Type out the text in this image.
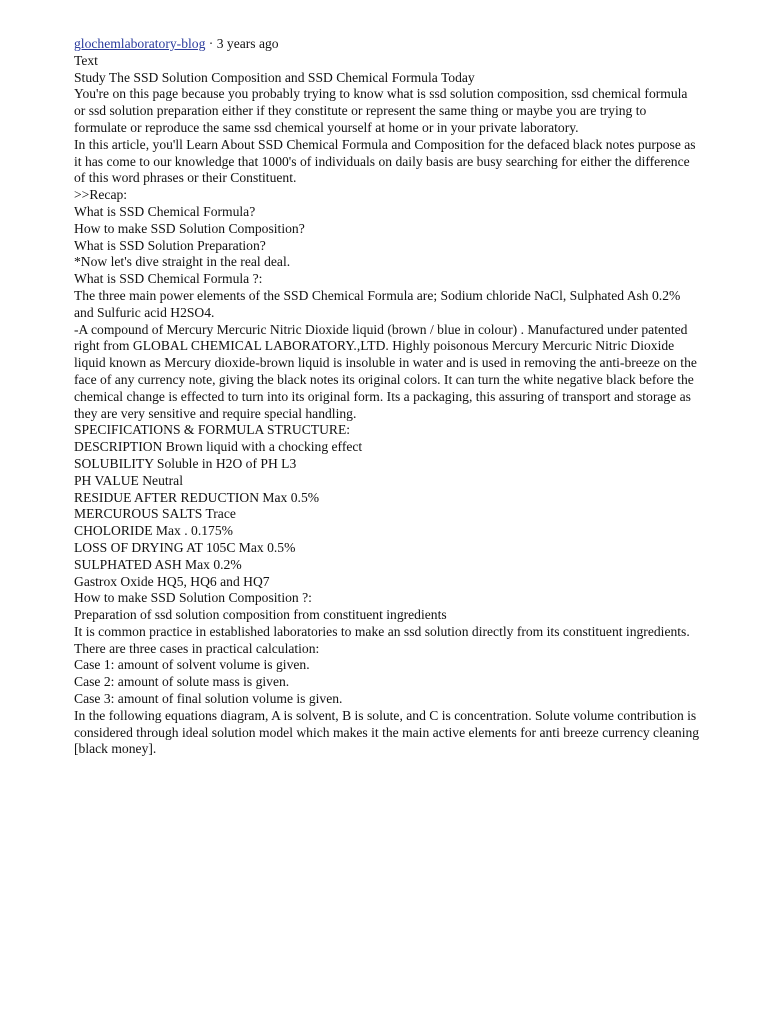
glochemlaboratory-blog · 3 years ago
Text
Study The SSD Solution Composition and SSD Chemical Formula Today

You're on this page because you probably trying to know what is ssd solution composition, ssd chemical formula or ssd solution preparation either if they constitute or represent the same thing or maybe you are trying to formulate or reproduce the same ssd chemical yourself at home or in your private laboratory.

In this article, you'll Learn About SSD Chemical Formula and Composition for the defaced black notes purpose as it has come to our knowledge that 1000's of individuals on daily basis are busy searching for either the difference of this word phrases or their Constituent.

>>Recap:
What is SSD Chemical Formula?
How to make SSD Solution Composition?
What is SSD Solution Preparation?
*Now let's dive straight in the real deal.
What is SSD Chemical Formula ?:

The three main power elements of the SSD Chemical Formula are; Sodium chloride NaCl, Sulphated Ash 0.2% and Sulfuric acid H2SO4.

-A compound of Mercury Mercuric Nitric Dioxide liquid (brown / blue in colour) . Manufactured under patented right from GLOBAL CHEMICAL LABORATORY.,LTD. Highly poisonous Mercury Mercuric Nitric Dioxide liquid known as Mercury dioxide-brown liquid is insoluble in water and is used in removing the anti-breeze on the face of any currency note, giving the black notes its original colors. It can turn the white negative black before the chemical change is effected to turn into its original form. Its a packaging, this assuring of transport and storage as they are very sensitive and require special handling.

SPECIFICATIONS & FORMULA STRUCTURE:
DESCRIPTION Brown liquid with a chocking effect
SOLUBILITY Soluble in H2O of PH L3
PH VALUE Neutral
RESIDUE AFTER REDUCTION Max 0.5%
MERCUROUS SALTS Trace
CHOLORIDE Max . 0.175%
LOSS OF DRYING AT 105C Max 0.5%
SULPHATED ASH Max 0.2%
Gastrox Oxide HQ5, HQ6 and HQ7
How to make SSD Solution Composition ?:
Preparation of ssd solution composition from constituent ingredients

It is common practice in established laboratories to make an ssd solution directly from its constituent ingredients. There are three cases in practical calculation:

Case 1: amount of solvent volume is given.
Case 2: amount of solute mass is given.
Case 3: amount of final solution volume is given.

In the following equations diagram, A is solvent, B is solute, and C is concentration. Solute volume contribution is considered through ideal solution model which makes it the main active elements for anti breeze currency cleaning [black money].
